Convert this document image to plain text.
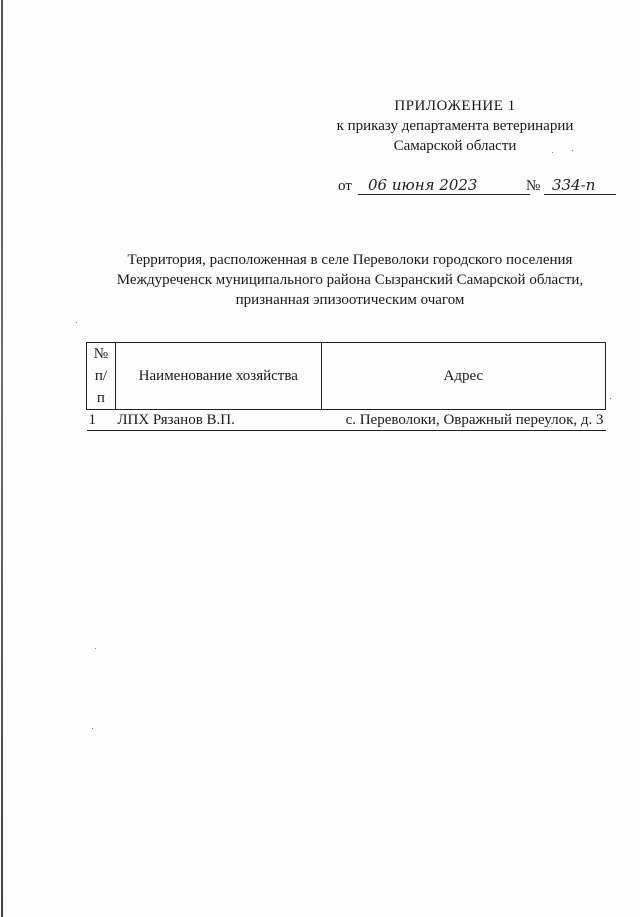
ПРИЛОЖЕНИЕ 1
к приказу департамента ветеринарии
Самарской области
от	06 июня 2023	№ 334-п
Территория, расположенная в селе Переволоки городского поселения
Междуреченск муниципального района Сызранский Самарской области,
признанная эпизоотическим очагом
№
п/п	Наименование хозяйства	Адрес
1	ЛПХ Рязанов В.П.	с. Переволоки, Овражный переулок, д. 3
